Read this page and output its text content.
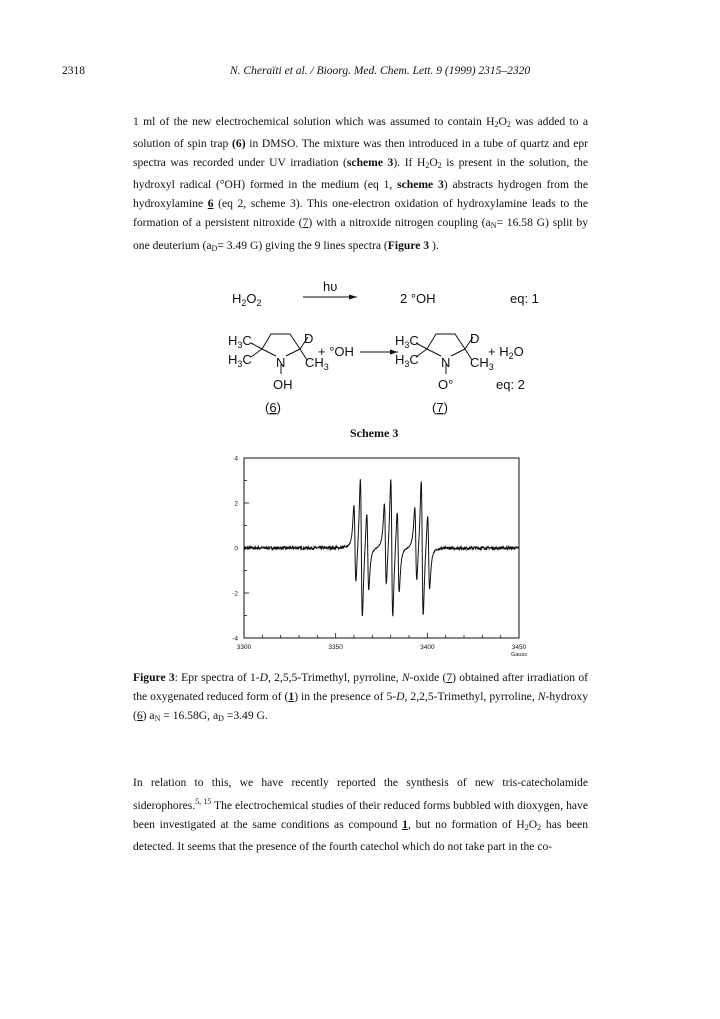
2318	N. Cheraïti et al. / Bioorg. Med. Chem. Lett. 9 (1999) 2315–2320
1 ml of the new electrochemical solution which was assumed to contain $H_2O_2$ was added to a solution of spin trap (6) in DMSO. The mixture was then introduced in a tube of quartz and epr spectra was recorded under UV irradiation (scheme 3). If $H_2O_2$ is present in the solution, the hydroxyl radical (°OH) formed in the medium (eq 1, scheme 3) abstracts hydrogen from the hydroxylamine 6 (eq 2, scheme 3). This one-electron oxidation of hydroxylamine leads to the formation of a persistent nitroxide (7) with a nitroxide nitrogen coupling ($a_N= 16.58$ G) split by one deuterium ($a_D= 3.49$ G) giving the 9 lines spectra (Figure 3 ).
$H_2O_2$
hυ
2 °OH	eq: 1
$H_3C$
$H_3C$ N
D
$CH_3$
OH
+ °OH
$H_3C$
$H_3C$ N
D
$CH_3$
O°
+ $H_2O$
eq: 2
(6)	(7)
Scheme 3
3300	3350	3400	3450
4
2
0
-2
-4
Gauss
Figure 3: Epr spectra of 1-D, 2,5,5-Trimethyl, pyrroline, N-oxide (7) obtained after irradiation of the oxygenated reduced form of (1) in the presence of 5-D, 2,2,5-Trimethyl, pyrroline, N-hydroxy (6) $a_N = 16.58G$, $a_D =3.49$ G.
In relation to this, we have recently reported the synthesis of new tris-catecholamide siderophores.$^{5, 15}$ The electrochemical studies of their reduced forms bubbled with dioxygen, have been investigated at the same conditions as compound 1, but no formation of $H_2O_2$ has been detected. It seems that the presence of the fourth catechol which do not take part in the co-
